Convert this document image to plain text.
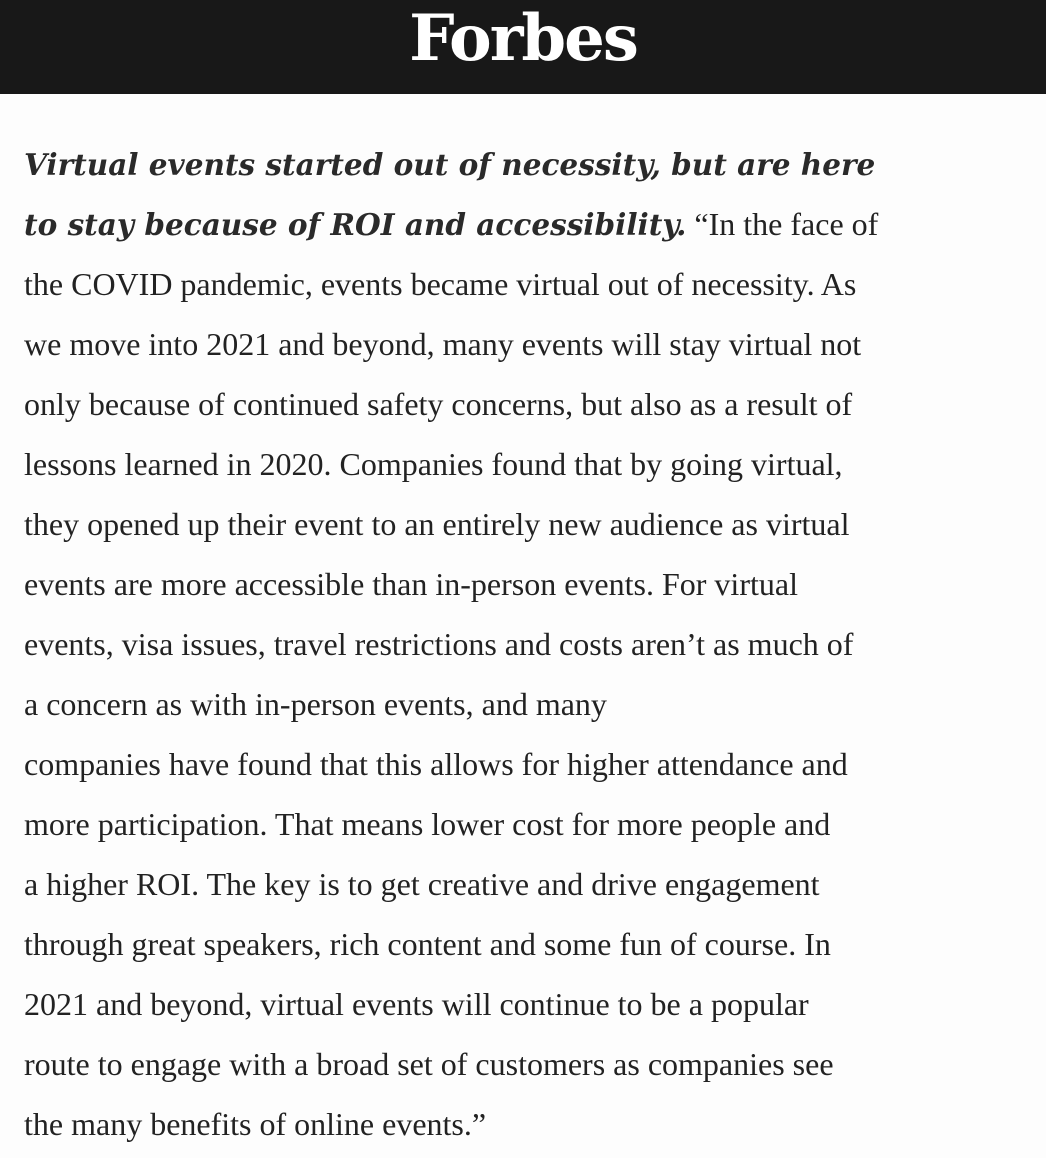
Forbes
Virtual events started out of necessity, but are here
to stay because of ROI and accessibility. “In the face of
the COVID pandemic, events became virtual out of necessity. As
we move into 2021 and beyond, many events will stay virtual not
only because of continued safety concerns, but also as a result of
lessons learned in 2020. Companies found that by going virtual,
they opened up their event to an entirely new audience as virtual
events are more accessible than in-person events. For virtual
events, visa issues, travel restrictions and costs aren’t as much of
a concern as with in-person events, and many
companies have found that this allows for higher attendance and
more participation. That means lower cost for more people and
a higher ROI. The key is to get creative and drive engagement
through great speakers, rich content and some fun of course. In
2021 and beyond, virtual events will continue to be a popular
route to engage with a broad set of customers as companies see
the many benefits of online events.”
